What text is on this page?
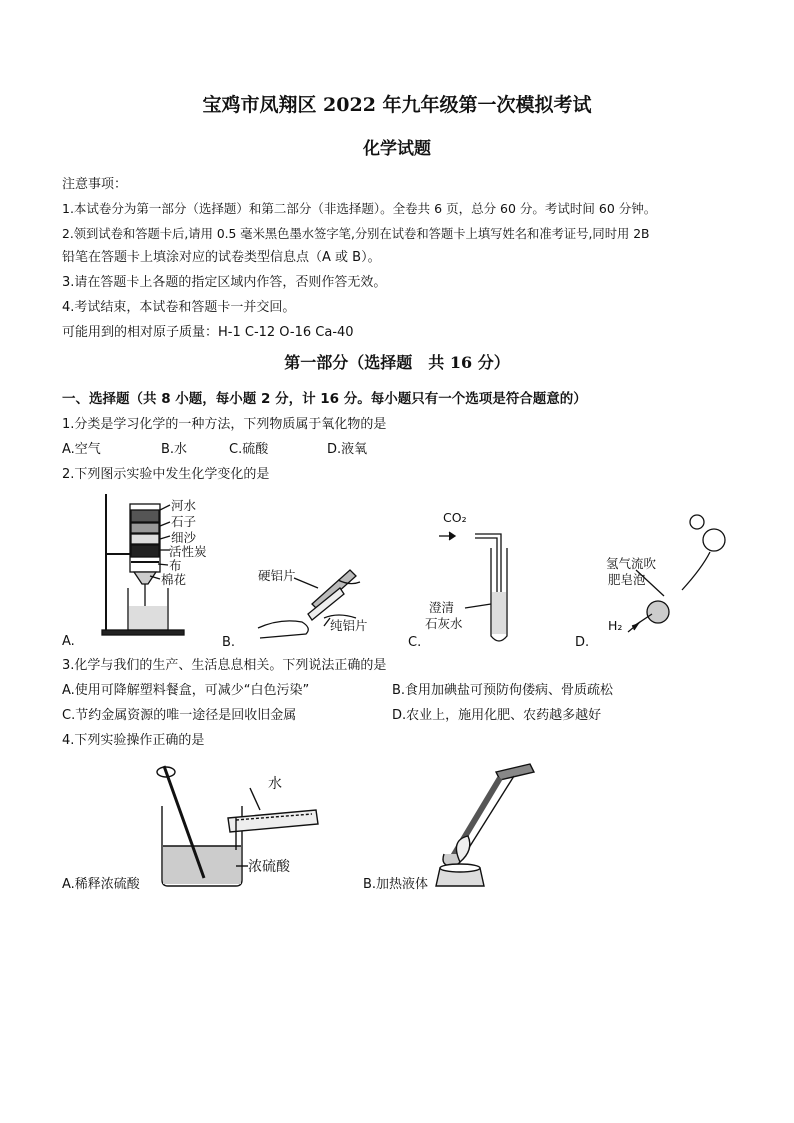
宝鸡市凤翔区 2022 年九年级第一次模拟考试
化学试题
注意事项：
1.本试卷分为第一部分（选择题）和第二部分（非选择题）。全卷共 6 页，总分 60 分。考试时间 60 分钟。
2.领到试卷和答题卡后,请用 0.5 毫米黑色墨水签字笔,分别在试卷和答题卡上填写姓名和准考证号,同时用 2B
铅笔在答题卡上填涂对应的试卷类型信息点（A 或 B）。
3.请在答题卡上各题的指定区域内作答，否则作答无效。
4.考试结束，本试卷和答题卡一并交回。
可能用到的相对原子质量：H-1 C-12 O-16 Ca-40
第一部分（选择题　共 16 分）
一、选择题（共 8 小题，每小题 2 分，计 16 分。每小题只有一个选项是符合题意的）
1.分类是学习化学的一种方法，下列物质属于氧化物的是
A.空气	B.水	C.硫酸	D.液氧
2.下列图示实验中发生化学变化的是
河水
石子
细沙
活性炭
布
棉花
A.
硬铝片
纯铝片
B.
CO₂
澄清
石灰水
C.
氢气流吹
肥皂泡
H₂
D.
3.化学与我们的生产、生活息息相关。下列说法正确的是
A.使用可降解塑料餐盒，可减少“白色污染”	B.食用加碘盐可预防佝偻病、骨质疏松
C.节约金属资源的唯一途径是回收旧金属	D.农业上，施用化肥、农药越多越好
4.下列实验操作正确的是
水
浓硫酸
A.稀释浓硫酸	B.加热液体
